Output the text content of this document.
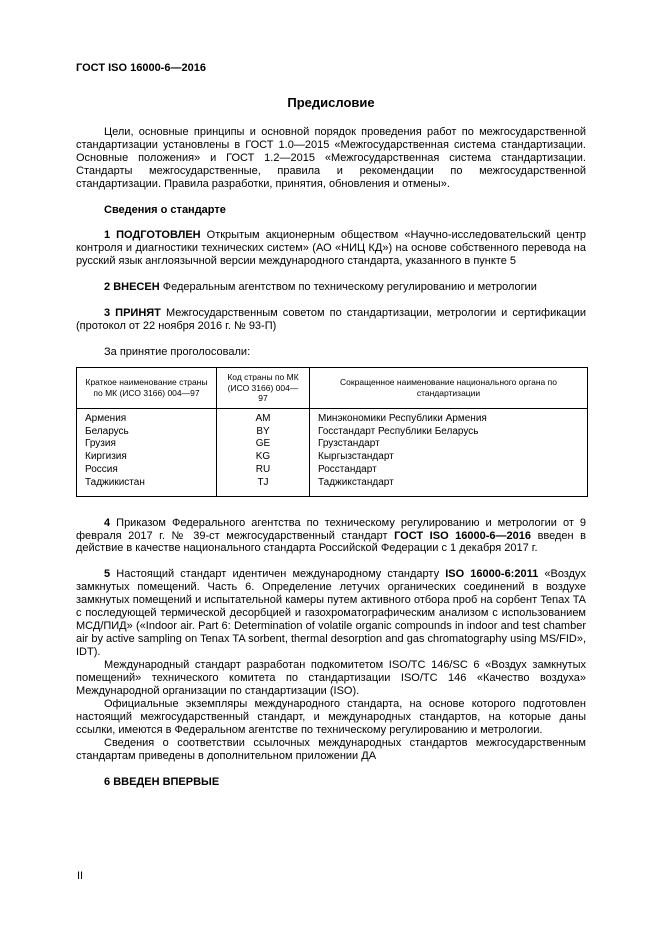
ГОСТ ISO 16000-6—2016
Предисловие

Цели, основные принципы и основной порядок проведения работ по межгосударственной стандартизации установлены в ГОСТ 1.0—2015 «Межгосударственная система стандартизации. Основные положения» и ГОСТ 1.2—2015 «Межгосударственная система стандартизации. Стандарты межгосударственные, правила и рекомендации по межгосударственной стандартизации. Правила разработки, принятия, обновления и отмены».

Сведения о стандарте

1 ПОДГОТОВЛЕН Открытым акционерным обществом «Научно-исследовательский центр контроля и диагностики технических систем» (АО «НИЦ КД») на основе собственного перевода на русский язык англоязычной версии международного стандарта, указанного в пункте 5

2 ВНЕСЕН Федеральным агентством по техническому регулированию и метрологии

3 ПРИНЯТ Межгосударственным советом по стандартизации, метрологии и сертификации (протокол от 22 ноября 2016 г. № 93-П)

За принятие проголосовали:

Краткое наименование страны по МК (ИСО 3166) 004—97	Код страны по МК (ИСО 3166) 004—97	Сокращенное наименование национального органа по стандартизации
Армения	AM	Минэкономики Республики Армения
Беларусь	BY	Госстандарт Республики Беларусь
Грузия	GE	Грузстандарт
Киргизия	KG	Кыргызстандарт
Россия	RU	Росстандарт
Таджикистан	TJ	Таджикстандарт

4 Приказом Федерального агентства по техническому регулированию и метрологии от 9 февраля 2017 г. № 39-ст межгосударственный стандарт ГОСТ ISO 16000-6—2016 введен в действие в качестве национального стандарта Российской Федерации с 1 декабря 2017 г.

5 Настоящий стандарт идентичен международному стандарту ISO 16000-6:2011 «Воздух замкнутых помещений. Часть 6. Определение летучих органических соединений в воздухе замкнутых помещений и испытательной камеры путем активного отбора проб на сорбент Tenax TA с последующей термической десорбцией и газохроматографическим анализом с использованием МСД/ПИД» («Indoor air. Part 6: Determination of volatile organic compounds in indoor and test chamber air by active sampling on Tenax TA sorbent, thermal desorption and gas chromatography using MS/FID», IDT).

Международный стандарт разработан подкомитетом ISO/TC 146/SC 6 «Воздух замкнутых помещений» технического комитета по стандартизации ISO/TC 146 «Качество воздуха» Международной организации по стандартизации (ISO).

Официальные экземпляры международного стандарта, на основе которого подготовлен настоящий межгосударственный стандарт, и международных стандартов, на которые даны ссылки, имеются в Федеральном агентстве по техническому регулированию и метрологии.

Сведения о соответствии ссылочных международных стандартов межгосударственным стандартам приведены в дополнительном приложении ДА

6 ВВЕДЕН ВПЕРВЫЕ

II
